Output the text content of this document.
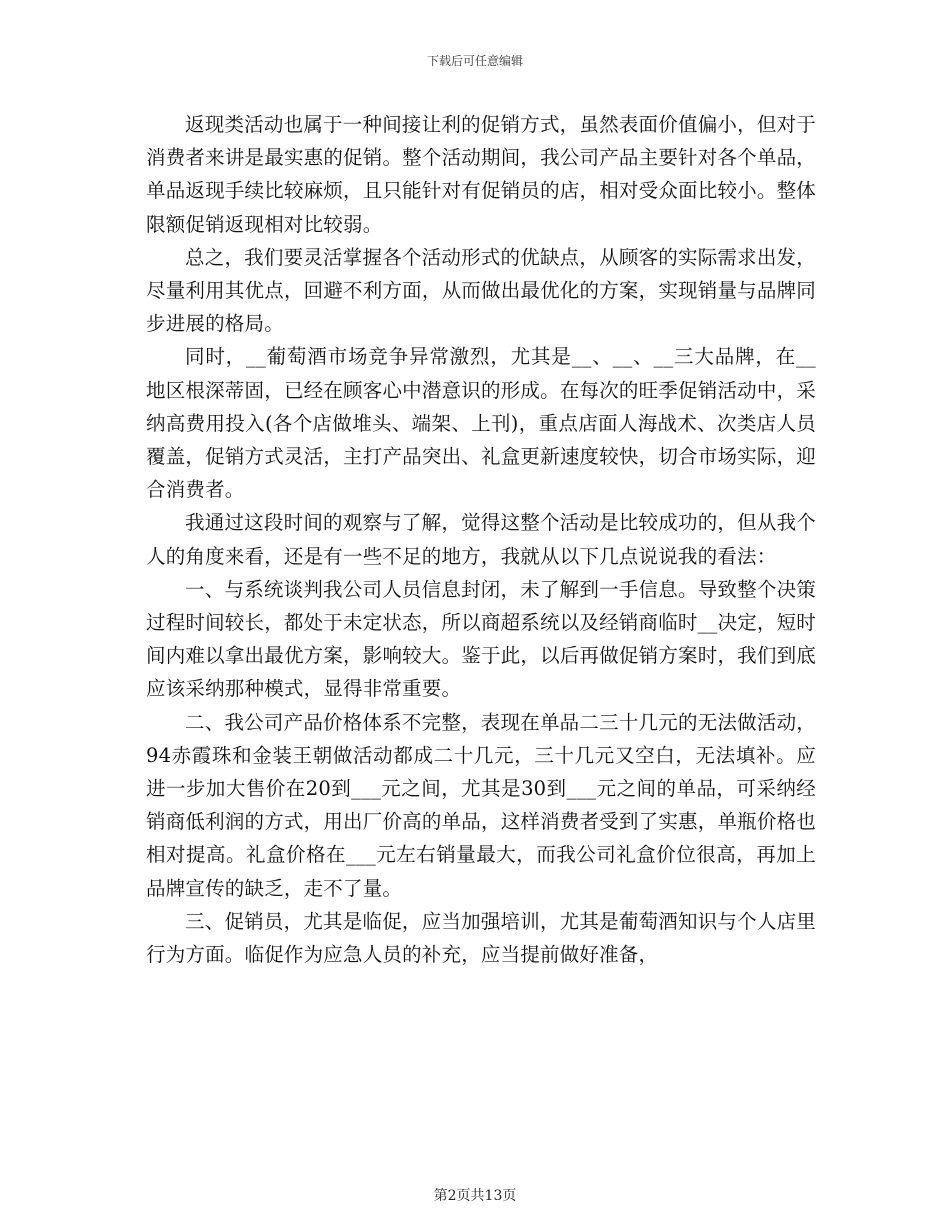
下载后可任意编辑

返现类活动也属于一种间接让利的促销方式，虽然表面价值偏小，但对于消费者来讲是最实惠的促销。整个活动期间，我公司产品主要针对各个单品，单品返现手续比较麻烦，且只能针对有促销员的店，相对受众面比较小。整体限额促销返现相对比较弱。

总之，我们要灵活掌握各个活动形式的优缺点，从顾客的实际需求出发，尽量利用其优点，回避不利方面，从而做出最优化的方案，实现销量与品牌同步进展的格局。

同时，__葡萄酒市场竞争异常激烈，尤其是__、__、__三大品牌，在__地区根深蒂固，已经在顾客心中潜意识的形成。在每次的旺季促销活动中，采纳高费用投入(各个店做堆头、端架、上刊)，重点店面人海战术、次类店人员覆盖，促销方式灵活，主打产品突出、礼盒更新速度较快，切合市场实际，迎合消费者。

我通过这段时间的观察与了解，觉得这整个活动是比较成功的，但从我个人的角度来看，还是有一些不足的地方，我就从以下几点说说我的看法：

一、与系统谈判我公司人员信息封闭，未了解到一手信息。导致整个决策过程时间较长，都处于未定状态，所以商超系统以及经销商临时__决定，短时间内难以拿出最优方案，影响较大。鉴于此，以后再做促销方案时，我们到底应该采纳那种模式，显得非常重要。

二、我公司产品价格体系不完整，表现在单品二三十几元的无法做活动，94赤霞珠和金装王朝做活动都成二十几元，三十几元又空白，无法填补。应进一步加大售价在20到___元之间，尤其是30到___元之间的单品，可采纳经销商低利润的方式，用出厂价高的单品，这样消费者受到了实惠，单瓶价格也相对提高。礼盒价格在___元左右销量最大，而我公司礼盒价位很高，再加上品牌宣传的缺乏，走不了量。

三、促销员，尤其是临促，应当加强培训，尤其是葡萄酒知识与个人店里行为方面。临促作为应急人员的补充，应当提前做好准备，

第2页共13页
